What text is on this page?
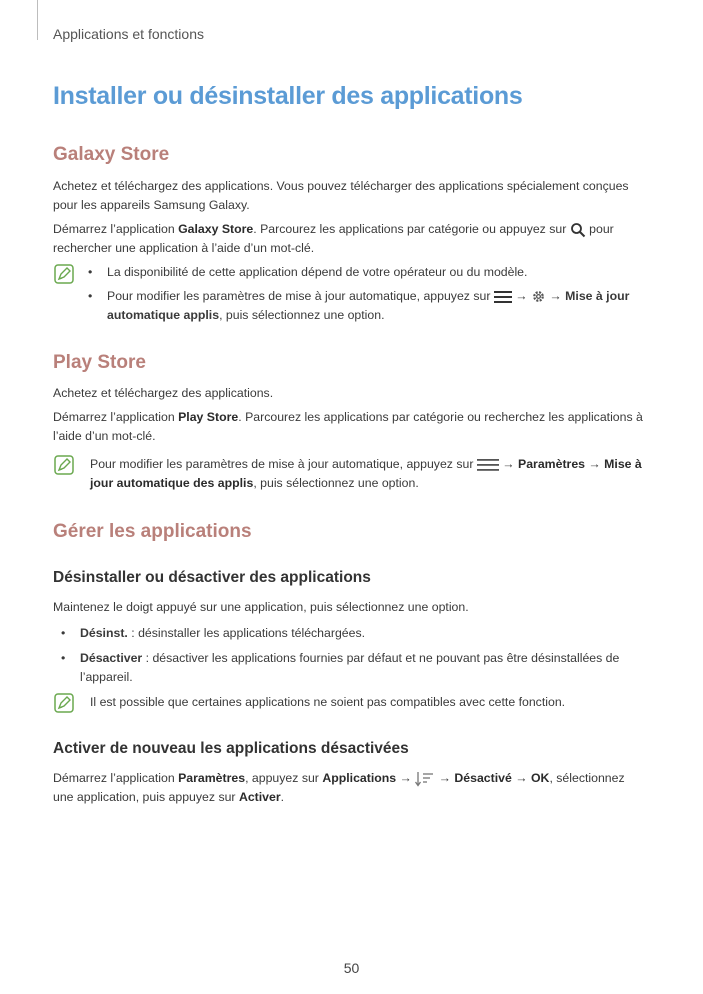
Applications et fonctions
Installer ou désinstaller des applications
Galaxy Store
Achetez et téléchargez des applications. Vous pouvez télécharger des applications spécialement conçues pour les appareils Samsung Galaxy.
Démarrez l’application Galaxy Store. Parcourez les applications par catégorie ou appuyez sur  pour rechercher une application à l’aide d’un mot-clé.
• La disponibilité de cette application dépend de votre opérateur ou du modèle.
• Pour modifier les paramètres de mise à jour automatique, appuyez sur  →  → Mise à jour automatique applis, puis sélectionnez une option.
Play Store
Achetez et téléchargez des applications.
Démarrez l’application Play Store. Parcourez les applications par catégorie ou recherchez les applications à l’aide d’un mot-clé.
Pour modifier les paramètres de mise à jour automatique, appuyez sur  → Paramètres → Mise à jour automatique des applis, puis sélectionnez une option.
Gérer les applications
Désinstaller ou désactiver des applications
Maintenez le doigt appuyé sur une application, puis sélectionnez une option.
• Désinst. : désinstaller les applications téléchargées.
• Désactiver : désactiver les applications fournies par défaut et ne pouvant pas être désinstallées de l’appareil.
Il est possible que certaines applications ne soient pas compatibles avec cette fonction.
Activer de nouveau les applications désactivées
Démarrez l’application Paramètres, appuyez sur Applications →  → Désactivé → OK, sélectionnez une application, puis appuyez sur Activer.
50
